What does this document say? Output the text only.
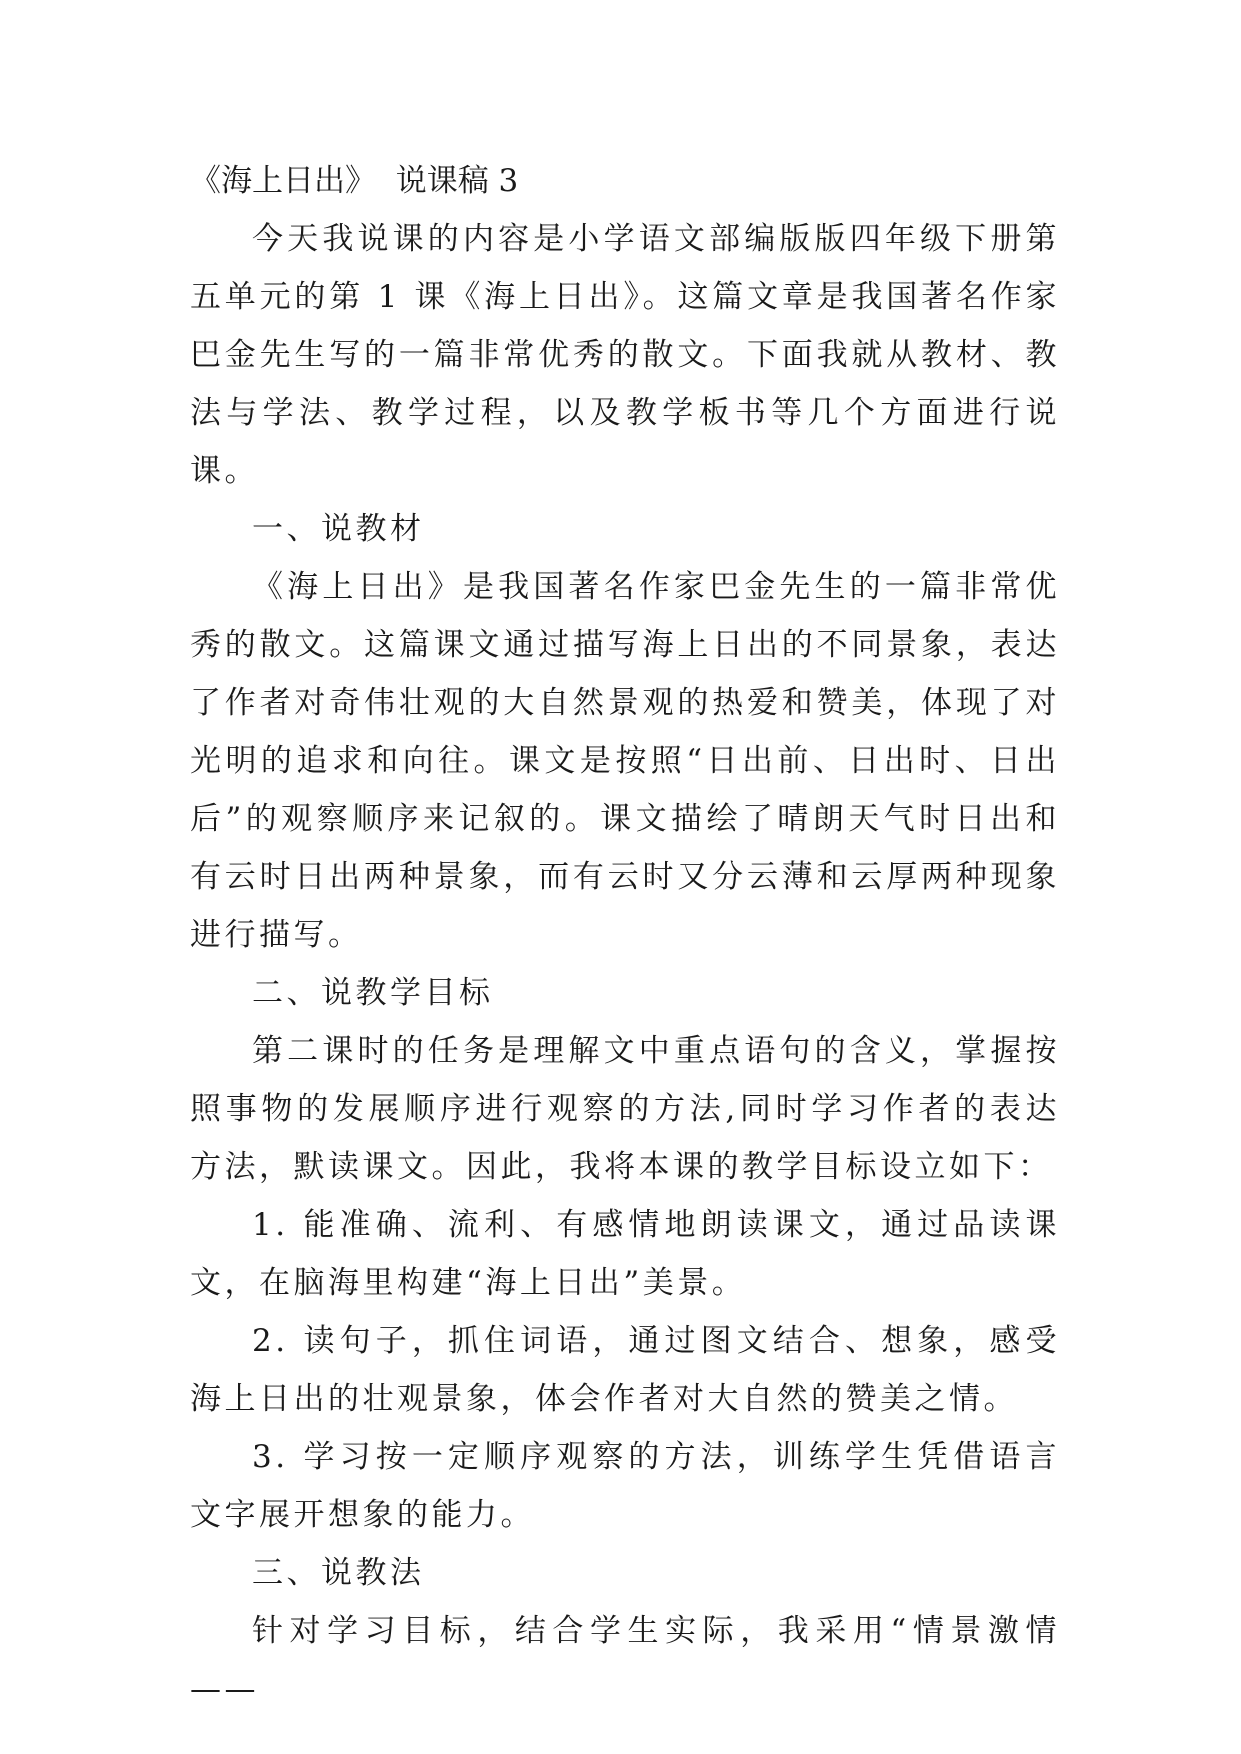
《海上日出》  说课稿 3

今天我说课的内容是小学语文部编版版四年级下册第五单元的第 1 课《海上日出》。这篇文章是我国著名作家巴金先生写的一篇非常优秀的散文。下面我就从教材、教法与学法、教学过程，以及教学板书等几个方面进行说课。

一、说教材

《海上日出》是我国著名作家巴金先生的一篇非常优秀的散文。这篇课文通过描写海上日出的不同景象，表达了作者对奇伟壮观的大自然景观的热爱和赞美，体现了对光明的追求和向往。课文是按照“日出前、日出时、日出后”的观察顺序来记叙的。课文描绘了晴朗天气时日出和有云时日出两种景象，而有云时又分云薄和云厚两种现象进行描写。

二、说教学目标

第二课时的任务是理解文中重点语句的含义，掌握按照事物的发展顺序进行观察的方法,同时学习作者的表达方法，默读课文。因此，我将本课的教学目标设立如下：

1. 能准确、流利、有感情地朗读课文，通过品读课文，在脑海里构建“海上日出”美景。

2. 读句子，抓住词语，通过图文结合、想象，感受海上日出的壮观景象，体会作者对大自然的赞美之情。

3. 学习按一定顺序观察的方法，训练学生凭借语言文字展开想象的能力。

三、说教法

针对学习目标，结合学生实际，我采用“情景激情——
